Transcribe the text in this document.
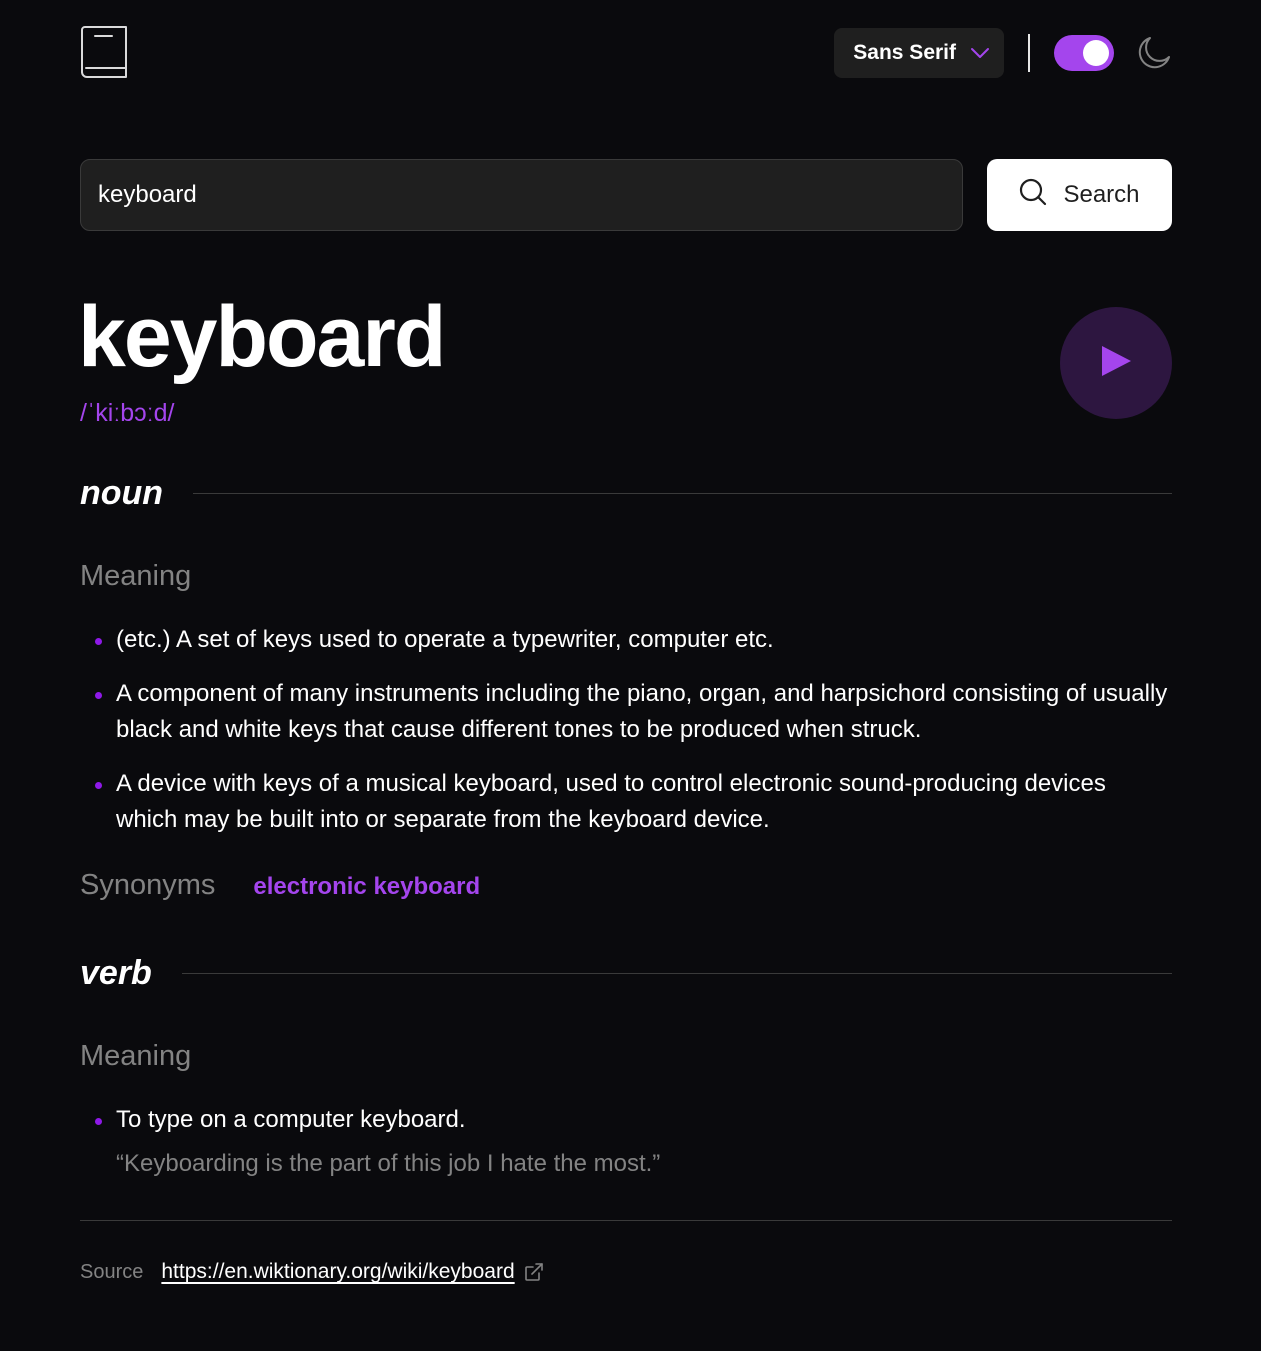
Sans Serif
keyboard
Search
keyboard
/ˈkiːbɔːd/
noun
Meaning
(etc.) A set of keys used to operate a typewriter, computer etc.
A component of many instruments including the piano, organ, and harpsichord consisting of usually black and white keys that cause different tones to be produced when struck.
A device with keys of a musical keyboard, used to control electronic sound-producing devices which may be built into or separate from the keyboard device.
Synonyms electronic keyboard
verb
Meaning
To type on a computer keyboard.
“Keyboarding is the part of this job I hate the most.”
Source https://en.wiktionary.org/wiki/keyboard
